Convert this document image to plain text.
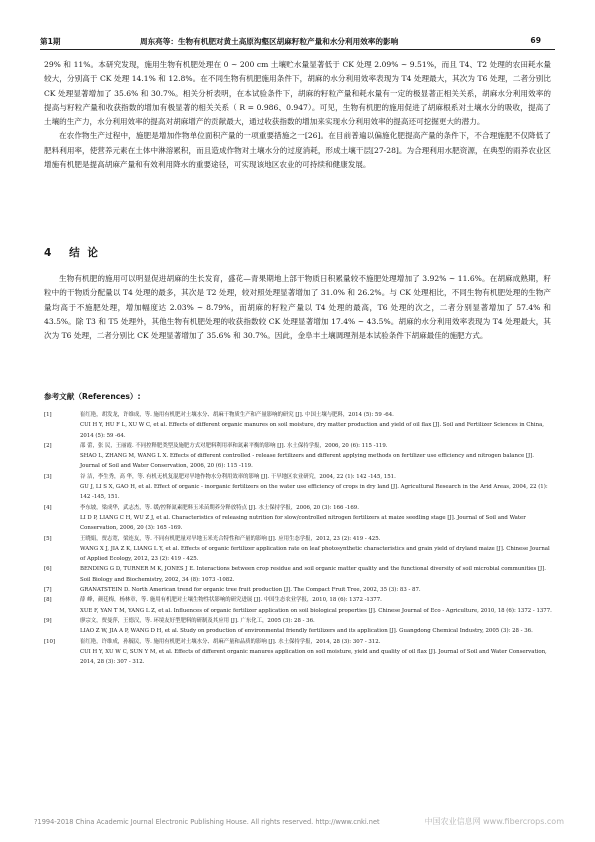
第1期	周东亮等：生物有机肥对黄土高原沟壑区胡麻籽粒产量和水分利用效率的影响	69

29% 和 11%。本研究发现，施用生物有机肥处理在 0 ~ 200 cm 土壤贮水量显著低于 CK 处理 2.09% ~ 9.51%，而且 T4、T2 处理的农田耗水量较大，分别高于 CK 处理 14.1% 和 12.8%。在不同生物有机肥施用条件下，胡麻的水分利用效率表现为 T4 处理最大，其次为 T6 处理，二者分别比 CK 处理显著增加了 35.6% 和 30.7%。相关分析表明，在本试验条件下，胡麻的籽粒产量和耗水量有一定的极显著正相关关系，胡麻水分利用效率的提高与籽粒产量和收获指数的增加有极显著的相关关系（ R = 0.986、0.947）。可见，生物有机肥的施用促进了胡麻根系对土壤水分的吸收，提高了土壤的生产力，水分利用效率的提高对胡麻增产的贡献最大，通过收获指数的增加来实现水分利用效率的提高还可挖掘更大的潜力。

在农作物生产过程中，施肥是增加作物单位面积产量的一项重要措施之一[26]。在目前普遍以偏施化肥提高产量的条件下，不合理施肥不仅降低了肥料利用率，使营养元素在土体中淋溶累积，而且造成作物对土壤水分的过度消耗，形成土壤干层[27-28]。为合理利用水肥资源，在典型的雨养农业区增施有机肥是提高胡麻产量和有效利用降水的重要途径，可实现该地区农业的可持续和健康发展。

4 结 论

生物有机肥的施用可以明显促进胡麻的生长发育，盛花—青果期地上部干物质日积累量较不施肥处理增加了 3.92% ~ 11.6%。在胡麻成熟期，籽粒中的干物质分配量以 T4 处理的最多，其次是 T2 处理，较对照处理显著增加了 31.0% 和 26.2%。与 CK 处理相比，不同生物有机肥处理的生物产量均高于不施肥处理，增加幅度达 2.03% ~ 8.79%，而胡麻的籽粒产量以 T4 处理的最高，T6 处理的次之，二者分别显著增加了 57.4% 和 43.5%。除 T3 和 T5 处理外，其他生物有机肥处理的收获指数较 CK 处理显著增加 17.4% ~ 43.5%。胡麻的水分利用效率表现为 T4 处理最大，其次为 T6 处理，二者分别比 CK 处理显著增加了 35.6% 和 30.7%。因此，金阜丰土壤调理剂是本试验条件下胡麻最佳的施肥方式。

参考文献（References）:
[1]	崔红艳，胡发龙，许维成，等. 施用有机肥对土壤水分、胡麻干物质生产和产量影响的研究 [J]. 中国土壤与肥料，2014 (5): 59 -64.
CUI H Y, HU F L, XU W C, et al. Effects of different organic manures on soil moisture, dry matter production and yield of oil flax [J]. Soil and Fertilizer Sciences in China, 2014 (5): 59 -64.
[2]	邵 蕾，张 民，王丽霞. 不同控释肥类型及施肥方式对肥料利用率和氮素平衡的影响 [J]. 水土保持学报，2006, 20 (6): 115 -119.
SHAO L, ZHANG M, WANG L X. Effects of different controlled - release fertilizers and different applying methods on fertilizer use efficiency and nitrogen balance [J]. Journal of Soil and Water Conservation, 2006, 20 (6): 115 -119.
[3]	谷 洁，李生秀，高 华，等. 有机无机复混肥对旱地作物水分利用效率的影响 [J]. 干旱地区农业研究，2004, 22 (1): 142 -145, 151.
GU J, LI S X, GAO H, et al. Effect of organic - inorganic fertilizers on the water use efficiency of crops in dry land [J]. Agricultural Research in the Arid Areas, 2004, 22 (1): 142 -145, 151.
[4]	李东坡，梁成华，武志杰，等. 缓/控释氮素肥料玉米苗期养分释放特点 [J]. 水土保持学报，2006, 20 (3): 166 -169.
LI D P, LIANG C H, WU Z J, et al. Characteristics of releasing nutrition for slow/controlled nitrogen fertilizers at maize seedling stage [J]. Journal of Soil and Water Conservation, 2006, 20 (3): 165 -169.
[5]	王晓娟，贾志宽，梁连友，等. 不同有机肥量对旱地玉米光合特性和产量的影响 [J]. 应用生态学报，2012, 23 (2): 419 - 425.
WANG X J, JIA Z K, LIANG L Y, et al. Effects of organic fertilizer application rate on leaf photosynthetic characteristics and grain yield of dryland maize [J]. Chinese Journal of Applied Ecology, 2012, 23 (2): 419 - 425.
[6]	BENDING G D, TURNER M K, JONES J E. Interactions between crop residue and soil organic matter quality and the functional diversity of soil microbial communities [J]. Soil Biology and Biochemistry, 2002, 34 (8): 1073 -1082.
[7]	GRANATSTEIN D. North American trend for organic tree fruit production [J]. The Compact Fruit Tree, 2002, 35 (3): 83 - 87.
[8]	薛 峰，颜廷梅，杨林章，等. 施用有机肥对土壤生物性状影响的研究进展 [J]. 中国生态农业学报，2010, 18 (6): 1372 -1377.
XUE F, YAN T M, YANG L Z, et al. Influences of organic fertilizer application on soil biological properties [J]. Chinese Journal of Eco - Agriculture, 2010, 18 (6): 1372 - 1377.
[9]	廖宗文，贾曼萍，王德汉，等. 环境友好型肥料的研制及其应用 [J]. 广东化工，2005 (3): 28 - 36.
LIAO Z W, JIA A P, WANG D H, et al. Study on production of environmental friendly fertilizers and its application [J]. Guangdong Chemical Industry, 2005 (3): 28 - 36.
[10]	崔红艳，许维成，孙毓民，等. 施用有机肥对土壤水分、胡麻产量和品质的影响 [J]. 水土保持学报，2014, 28 (3): 307 - 312.
CUI H Y, XU W C, SUN Y M, et al. Effects of different organic manures application on soil moisture, yield and quality of oil flax [J]. Journal of Soil and Water Conservation, 2014, 28 (3): 307 - 312.
?1994-2018 China Academic Journal Electronic Publishing House. All rights reserved. http://www.cnki.net	中国农业信息网 www.fibercrops.com
